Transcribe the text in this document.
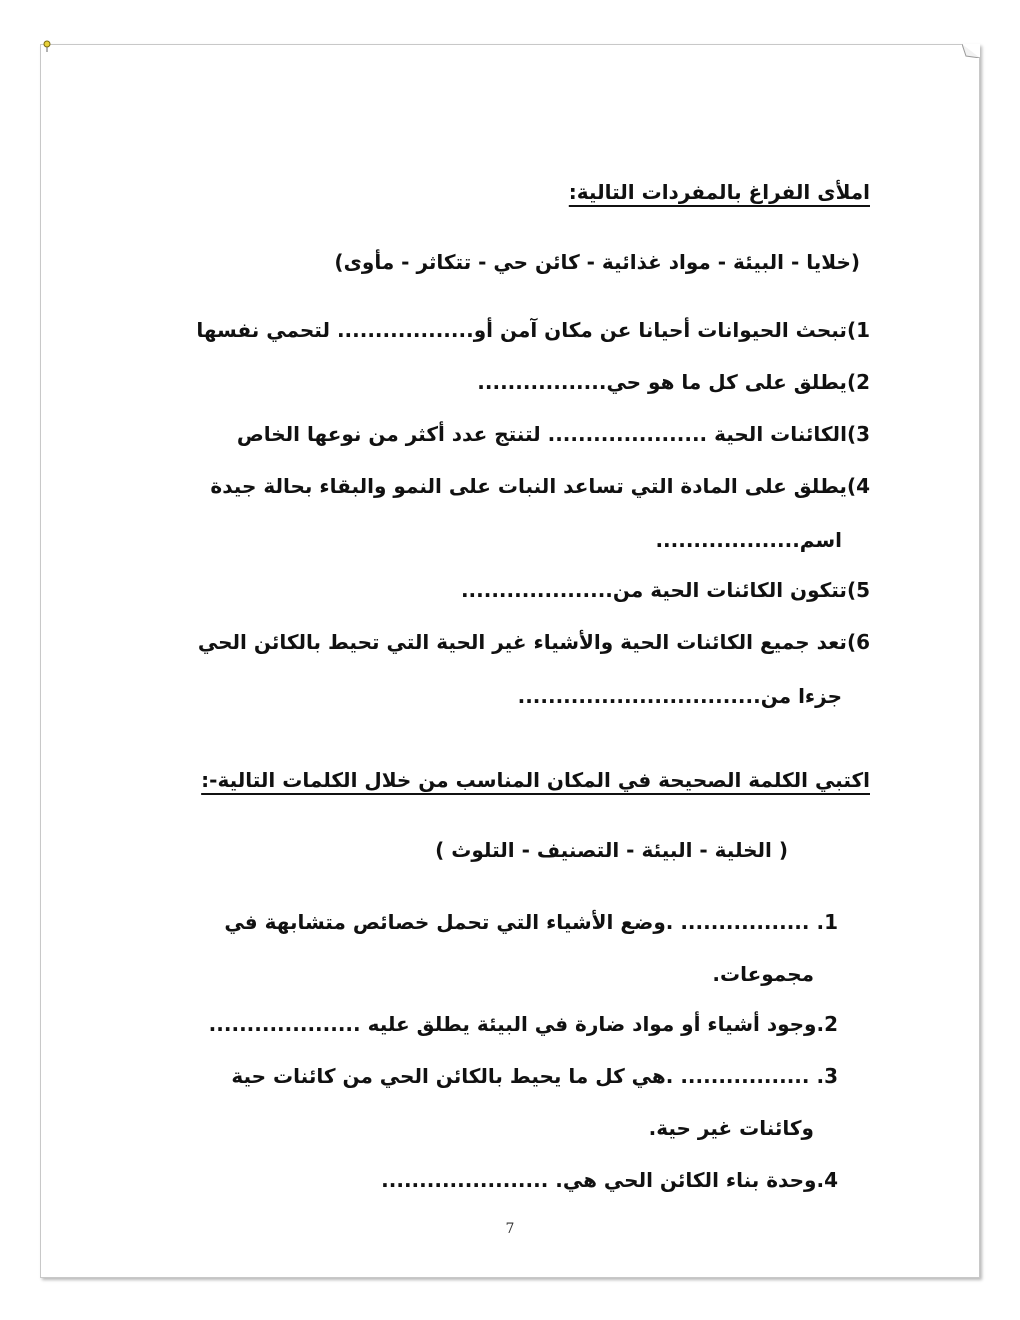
املأى الفراغ بالمفردات التالية:
(خلايا - البيئة - مواد غذائية - كائن حي - تتكاثر - مأوى)
1)تبحث الحيوانات أحيانا عن مكان آمن أو.................. لتحمي نفسها
2)يطلق على كل ما هو حي.................
3)الكائنات الحية ..................... لتنتج عدد أكثر من نوعها الخاص
4)يطلق على المادة التي تساعد النبات على النمو والبقاء بحالة جيدة
اسم...................
5)تتكون الكائنات الحية من....................
6)تعد جميع الكائنات الحية والأشياء غير الحية التي تحيط بالكائن الحي
جزءا من................................
اكتبي الكلمة الصحيحة في المكان المناسب من خلال الكلمات التالية-:
( الخلية - البيئة - التصنيف - التلوث )
1. ................. .وضع الأشياء التي تحمل خصائص متشابهة في
مجموعات.
2.وجود أشياء أو مواد ضارة في البيئة يطلق عليه ....................
3. ................. .هي كل ما يحيط بالكائن الحي من كائنات حية
وكائنات غير حية.
4.وحدة بناء الكائن الحي هي. ......................
7
